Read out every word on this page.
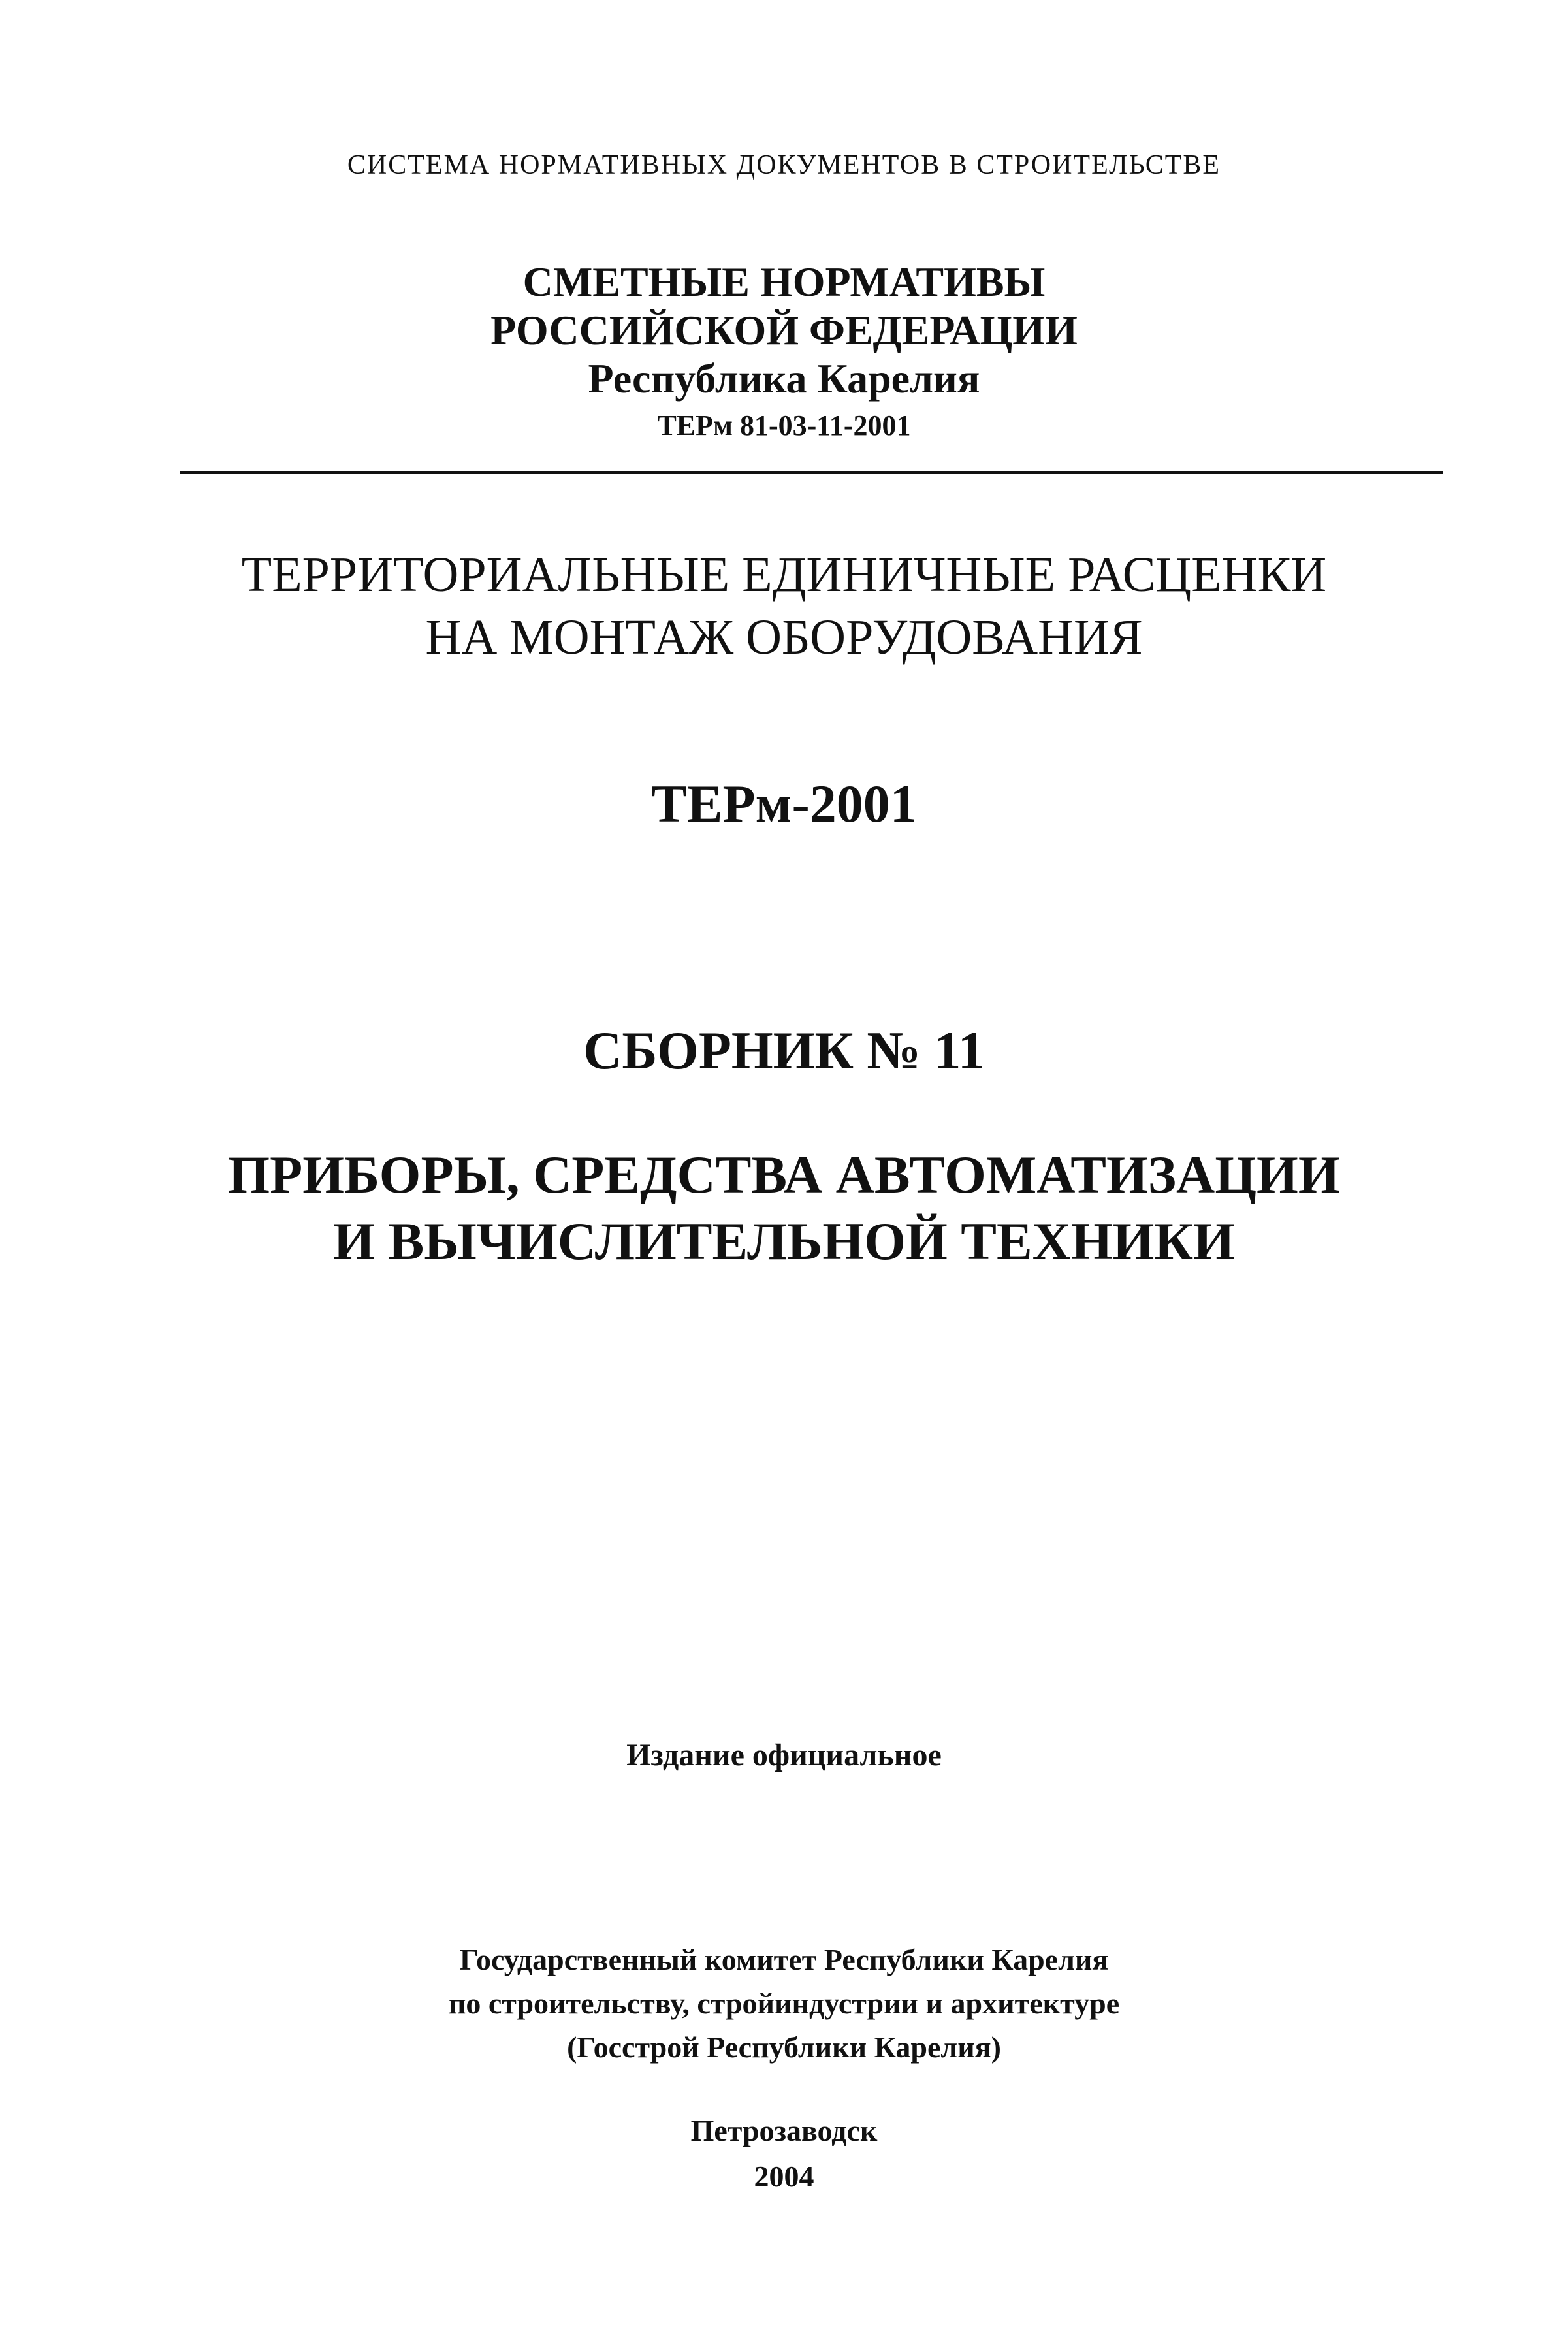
СИСТЕМА НОРМАТИВНЫХ ДОКУМЕНТОВ В СТРОИТЕЛЬСТВЕ
СМЕТНЫЕ НОРМАТИВЫ
РОССИЙСКОЙ ФЕДЕРАЦИИ
Республика Карелия
ТЕРм 81-03-11-2001
ТЕРРИТОРИАЛЬНЫЕ ЕДИНИЧНЫЕ РАСЦЕНКИ
НА МОНТАЖ ОБОРУДОВАНИЯ
ТЕРм-2001
СБОРНИК № 11
ПРИБОРЫ, СРЕДСТВА АВТОМАТИЗАЦИИ
И ВЫЧИСЛИТЕЛЬНОЙ ТЕХНИКИ
Издание официальное
Государственный комитет Республики Карелия
по строительству, стройиндустрии и архитектуре
(Госстрой Республики Карелия)
Петрозаводск
2004
